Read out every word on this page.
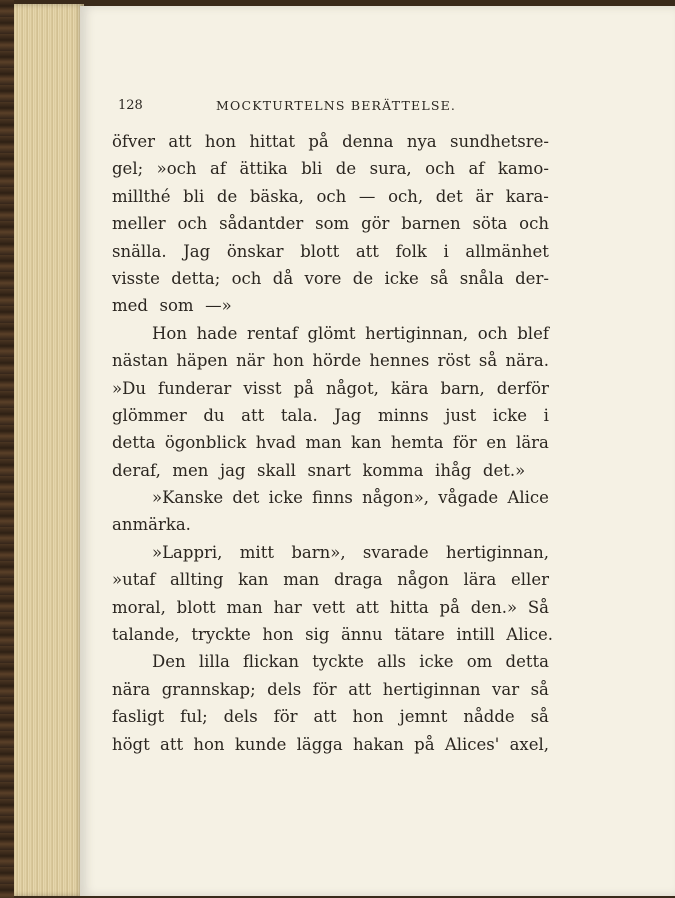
128	MOCKTURTELNS BERÄTTELSE.
öfver att hon hittat på denna nya sundhetsre-
gel; »och af ättika bli de sura, och af kamo-
millthé bli de bäska, och — och, det är kara-
meller och sådantder som gör barnen söta och
snälla. Jag önskar blott att folk i allmänhet
visste detta; och då vore de icke så snåla der-
med som —»
Hon hade rentaf glömt hertiginnan, och blef
nästan häpen när hon hörde hennes röst så nära.
»Du funderar visst på något, kära barn, derför
glömmer du att tala. Jag minns just icke i
detta ögonblick hvad man kan hemta för en lära
deraf, men jag skall snart komma ihåg det.»
»Kanske det icke finns någon», vågade Alice
anmärka.
»Lappri, mitt barn», svarade hertiginnan,
»utaf allting kan man draga någon lära eller
moral, blott man har vett att hitta på den.» Så
talande, tryckte hon sig ännu tätare intill Alice.
Den lilla flickan tyckte alls icke om detta
nära grannskap; dels för att hertiginnan var så
fasligt ful; dels för att hon jemnt nådde så
högt att hon kunde lägga hakan på Alices' axel,
